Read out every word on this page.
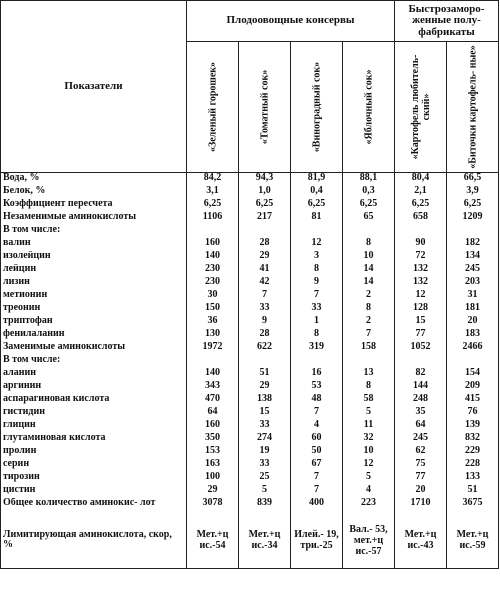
Показатели	Плодоовощные консервы				Быстрозаморо- женные полу- фабрикаты	

	«Зеленый горошек»	«Томатный сок»	«Виноградный сок»	«Яблочный сок»	«Картофель любитель- ский»	«Биточки картофель- ные»

Вода, %	84,2	94,3	81,9	88,1	80,4	66,5
Белок, %	3,1	1,0	0,4	0,3	2,1	3,9
Коэффициент пересчета	6,25	6,25	6,25	6,25	6,25	6,25
Незаменимые аминокислоты	1106	217	81	65	658	1209
В том числе:						
валин	160	28	12	8	90	182
изолейцин	140	29	3	10	72	134
лейцин	230	41	8	14	132	245
лизин	230	42	9	14	132	203
метионин	30	7	7	2	12	31
треонин	150	33	33	8	128	181
триптофан	36	9	1	2	15	20
фенилаланин	130	28	8	7	77	183
Заменимые аминокислоты	1972	622	319	158	1052	2466
В том числе:						
аланин	140	51	16	13	82	154
аргинин	343	29	53	8	144	209
аспарагиновая кислота	470	138	48	58	248	415
гистидин	64	15	7	5	35	76
глицин	160	33	4	11	64	139
глутаминовая кислота	350	274	60	32	245	832
пролин	153	19	50	10	62	229
серин	163	33	67	12	75	228
тирозин	100	25	7	5	77	133
цистин	29	5	7	4	20	51
Общее количество аминокис- лот	3078	839	400	223	1710	3675
Лимитирующая аминокислота, скор, %	Мет.+ц ис.-54	Мет.+ц ис.-34	Илей.- 19, три.-25	Вал.- 53, мет.+ц ис.-57	Мет.+ц ис.-43	Мет.+ц ис.-59
